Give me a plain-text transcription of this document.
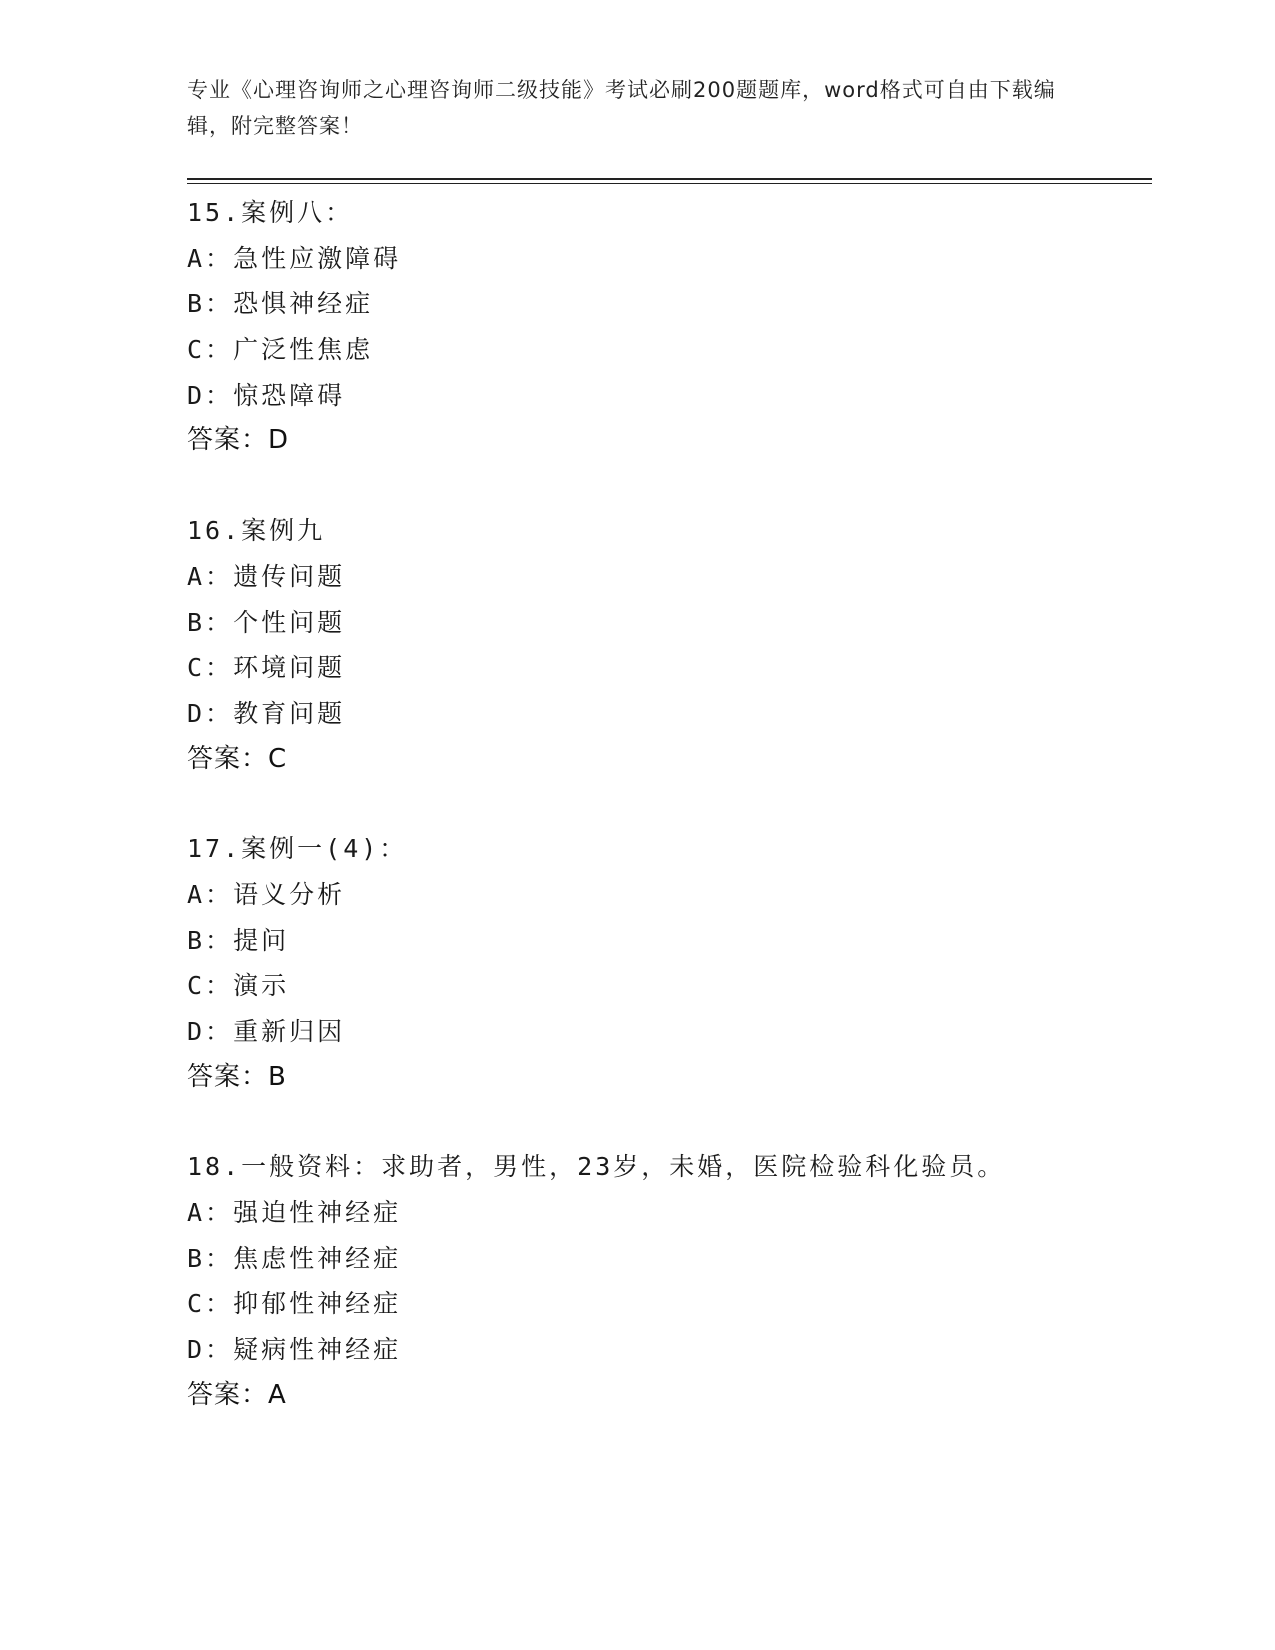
专业《心理咨询师之心理咨询师二级技能》考试必刷200题题库，word格式可自由下载编辑，附完整答案！
15.案例八：
A：急性应激障碍
B：恐惧神经症
C：广泛性焦虑
D：惊恐障碍
答案：D
16.案例九
A：遗传问题
B：个性问题
C：环境问题
D：教育问题
答案：C
17.案例一(4)：
A：语义分析
B：提问
C：演示
D：重新归因
答案：B
18.一般资料：求助者，男性，23岁，未婚，医院检验科化验员。
A：强迫性神经症
B：焦虑性神经症
C：抑郁性神经症
D：疑病性神经症
答案：A
